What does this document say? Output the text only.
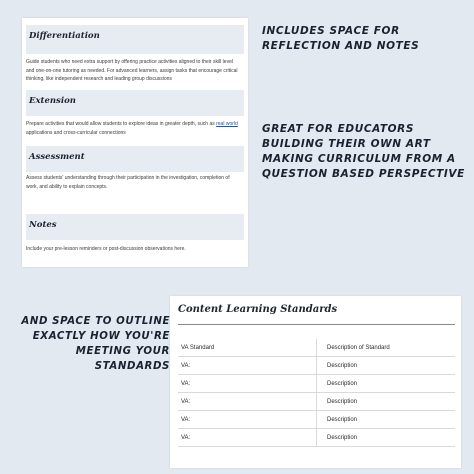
Differentiation
Guide students who need extra support by offering practice activities aligned to their skill level and one-on-one tutoring as needed. For advanced learners, assign tasks that encourage critical thinking, like independent research and leading group discussions
Extension
Prepare activities that would allow students to explore ideas in greater depth, such as real world applications and cross-curricular connections
Assessment
Assess students' understanding through their participation in the investigation, completion of work, and ability to explain concepts.
Notes
Include your pre-lesson reminders or post-discussion observations here.
INCLUDES SPACE FOR REFLECTION AND NOTES
GREAT FOR EDUCATORS BUILDING THEIR OWN ART MAKING CURRICULUM FROM A QUESTION BASED PERSPECTIVE
AND SPACE TO OUTLINE EXACTLY HOW YOU'RE MEETING YOUR STANDARDS
Content Learning Standards
VA Standard	Description of Standard
VA:	Description
VA:	Description
VA:	Description
VA:	Description
VA:	Description
